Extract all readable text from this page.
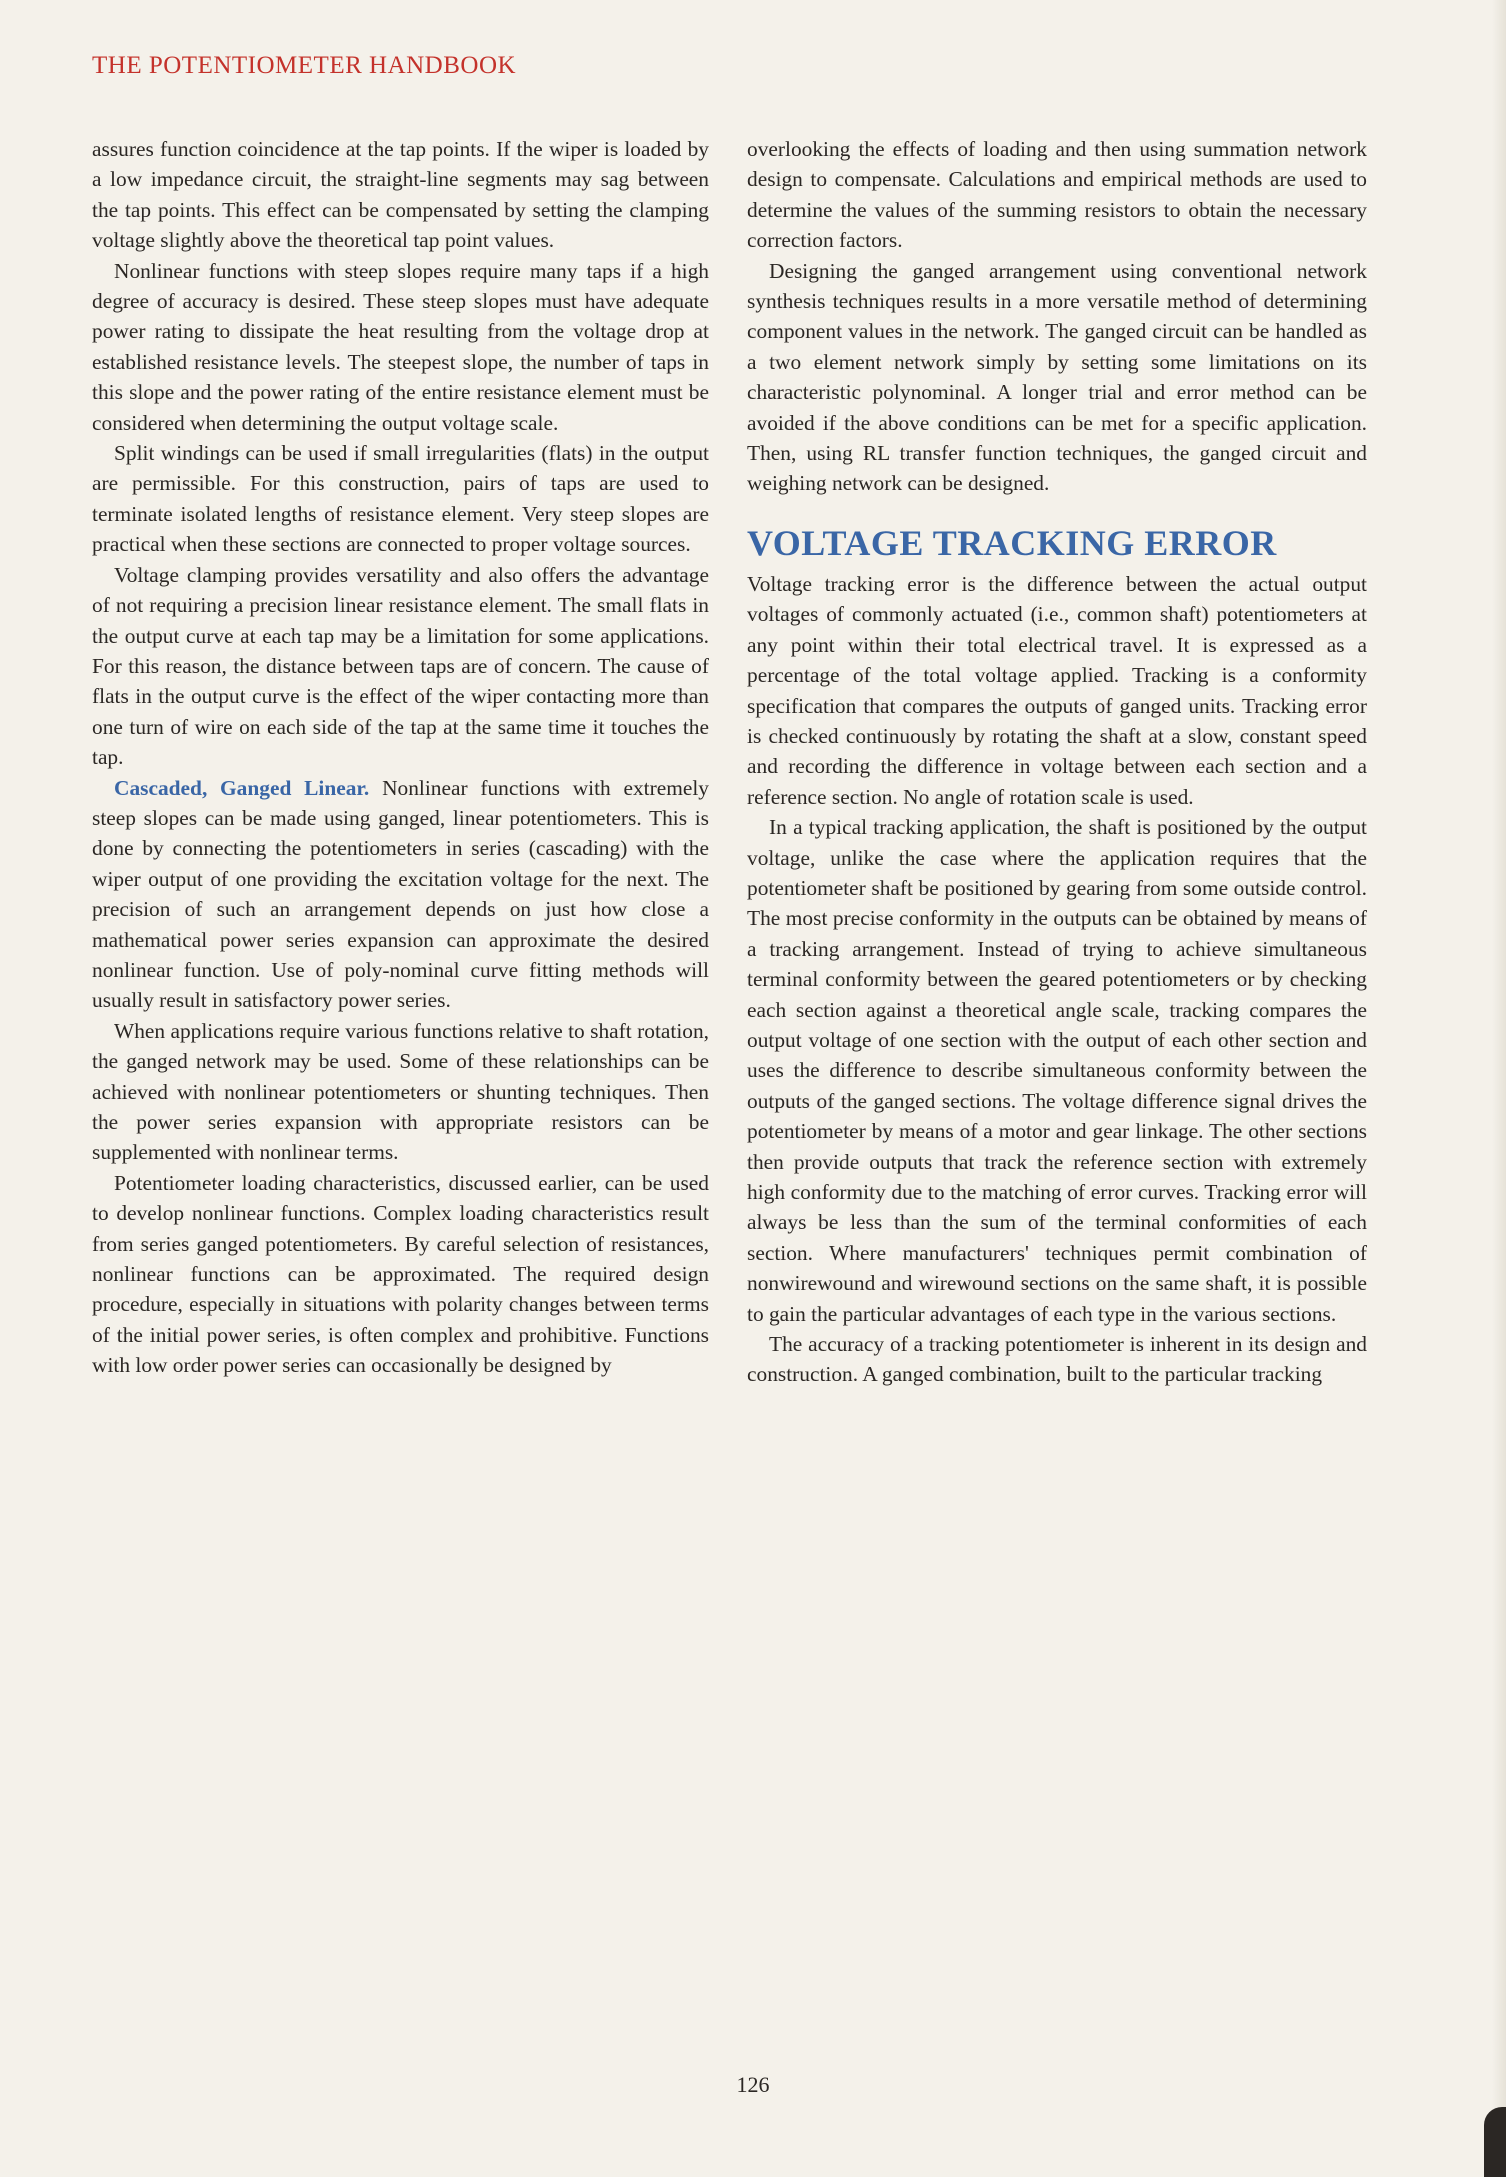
THE POTENTIOMETER HANDBOOK

assures function coincidence at the tap points. If the wiper is loaded by a low impedance circuit, the straight-line segments may sag between the tap points. This effect can be compensated by setting the clamping voltage slightly above the theoretical tap point values.

Nonlinear functions with steep slopes require many taps if a high degree of accuracy is desired. These steep slopes must have adequate power rating to dissipate the heat resulting from the voltage drop at established resistance levels. The steepest slope, the number of taps in this slope and the power rating of the entire resistance element must be considered when determining the output voltage scale.

Split windings can be used if small irregularities (flats) in the output are permissible. For this construction, pairs of taps are used to terminate isolated lengths of resistance element. Very steep slopes are practical when these sections are connected to proper voltage sources.

Voltage clamping provides versatility and also offers the advantage of not requiring a precision linear resistance element. The small flats in the output curve at each tap may be a limitation for some applications. For this reason, the distance between taps are of concern. The cause of flats in the output curve is the effect of the wiper contacting more than one turn of wire on each side of the tap at the same time it touches the tap.

Cascaded, Ganged Linear. Nonlinear functions with extremely steep slopes can be made using ganged, linear potentiometers. This is done by connecting the potentiometers in series (cascading) with the wiper output of one providing the excitation voltage for the next. The precision of such an arrangement depends on just how close a mathematical power series expansion can approximate the desired nonlinear function. Use of poly-nominal curve fitting methods will usually result in satisfactory power series.

When applications require various functions relative to shaft rotation, the ganged network may be used. Some of these relationships can be achieved with nonlinear potentiometers or shunting techniques. Then the power series expansion with appropriate resistors can be supplemented with nonlinear terms.

Potentiometer loading characteristics, discussed earlier, can be used to develop nonlinear functions. Complex loading characteristics result from series ganged potentiometers. By careful selection of resistances, nonlinear functions can be approximated. The required design procedure, especially in situations with polarity changes between terms of the initial power series, is often complex and prohibitive. Functions with low order power series can occasionally be designed by

overlooking the effects of loading and then using summation network design to compensate. Calculations and empirical methods are used to determine the values of the summing resistors to obtain the necessary correction factors.

Designing the ganged arrangement using conventional network synthesis techniques results in a more versatile method of determining component values in the network. The ganged circuit can be handled as a two element network simply by setting some limitations on its characteristic polynominal. A longer trial and error method can be avoided if the above conditions can be met for a specific application. Then, using RL transfer function techniques, the ganged circuit and weighing network can be designed.

VOLTAGE TRACKING ERROR

Voltage tracking error is the difference between the actual output voltages of commonly actuated (i.e., common shaft) potentiometers at any point within their total electrical travel. It is expressed as a percentage of the total voltage applied. Tracking is a conformity specification that compares the outputs of ganged units. Tracking error is checked continuously by rotating the shaft at a slow, constant speed and recording the difference in voltage between each section and a reference section. No angle of rotation scale is used.

In a typical tracking application, the shaft is positioned by the output voltage, unlike the case where the application requires that the potentiometer shaft be positioned by gearing from some outside control. The most precise conformity in the outputs can be obtained by means of a tracking arrangement. Instead of trying to achieve simultaneous terminal conformity between the geared potentiometers or by checking each section against a theoretical angle scale, tracking compares the output voltage of one section with the output of each other section and uses the difference to describe simultaneous conformity between the outputs of the ganged sections. The voltage difference signal drives the potentiometer by means of a motor and gear linkage. The other sections then provide outputs that track the reference section with extremely high conformity due to the matching of error curves. Tracking error will always be less than the sum of the terminal conformities of each section. Where manufacturers' techniques permit combination of nonwirewound and wirewound sections on the same shaft, it is possible to gain the particular advantages of each type in the various sections.

The accuracy of a tracking potentiometer is inherent in its design and construction. A ganged combination, built to the particular tracking

126
